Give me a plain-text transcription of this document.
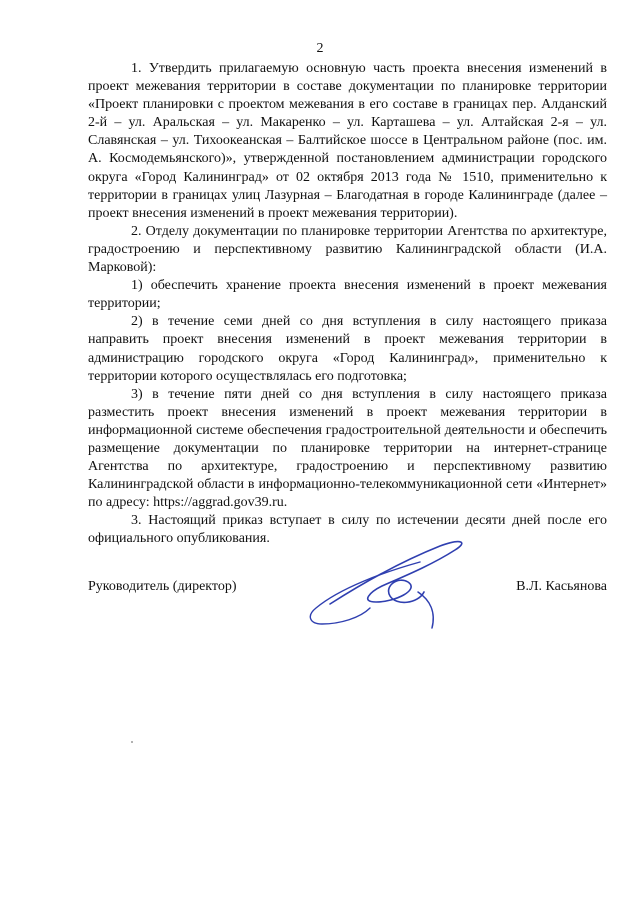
2

1. Утвердить прилагаемую основную часть проекта внесения изменений в проект межевания территории в составе документации по планировке территории «Проект планировки с проектом межевания в его составе в границах пер. Алданский 2-й – ул. Аральская – ул. Макаренко – ул. Карташева – ул. Алтайская 2-я – ул. Славянская – ул. Тихоокеанская – Балтийское шоссе в Центральном районе (пос. им. А. Космодемьянского)», утвержденной постановлением администрации городского округа «Город Калининград» от 02 октября 2013 года № 1510, применительно к территории в границах улиц Лазурная – Благодатная в городе Калининграде (далее – проект внесения изменений в проект межевания территории).

2. Отделу документации по планировке территории Агентства по архитектуре, градостроению и перспективному развитию Калининградской области (И.А. Марковой):

1) обеспечить хранение проекта внесения изменений в проект межевания территории;

2) в течение семи дней со дня вступления в силу настоящего приказа направить проект внесения изменений в проект межевания территории в администрацию городского округа «Город Калининград», применительно к территории которого осуществлялась его подготовка;

3) в течение пяти дней со дня вступления в силу настоящего приказа разместить проект внесения изменений в проект межевания территории в информационной системе обеспечения градостроительной деятельности и обеспечить размещение документации по планировке территории на интернет-странице Агентства по архитектуре, градостроению и перспективному развитию Калининградской области в информационно-телекоммуникационной сети «Интернет» по адресу: https://aggrad.gov39.ru.

3. Настоящий приказ вступает в силу по истечении десяти дней после его официального опубликования.

Руководитель (директор)	В.Л. Касьянова
